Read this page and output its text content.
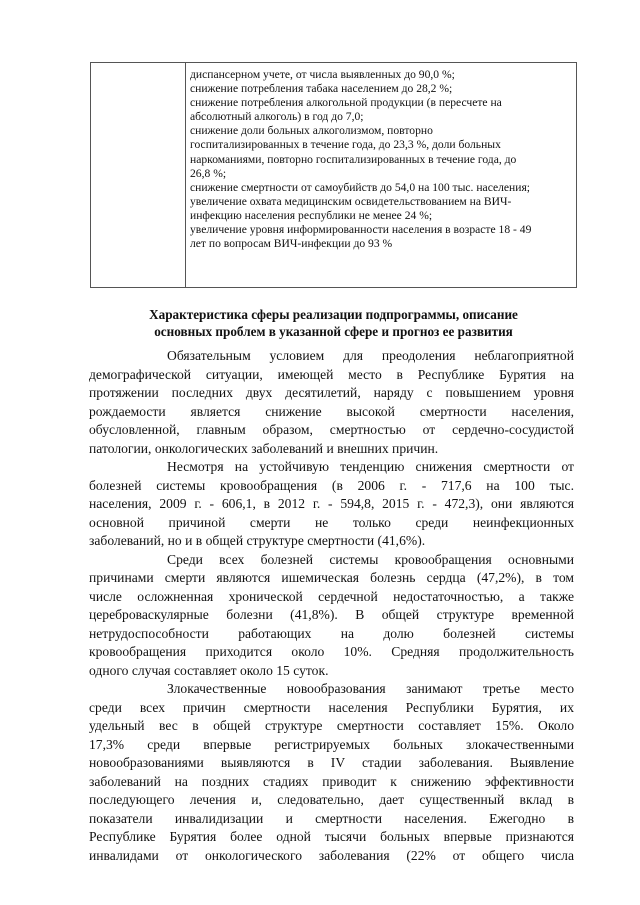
диспансерном учете, от числа выявленных до 90,0 %;
снижение потребления табака населением до 28,2 %;
снижение потребления алкогольной продукции (в пересчете на
абсолютный алкоголь) в год до 7,0;
снижение доли больных алкоголизмом, повторно
госпитализированных в течение года, до 23,3 %, доли больных
наркоманиями, повторно госпитализированных в течение года, до
26,8 %;
снижение смертности от самоубийств до 54,0 на 100 тыс. населения;
увеличение охвата медицинским освидетельствованием на ВИЧ-
инфекцию населения республики не менее 24 %;
увеличение уровня информированности населения в возрасте 18 - 49
лет по вопросам ВИЧ-инфекции до 93 %
Характеристика сферы реализации подпрограммы, описание
основных проблем в указанной сфере и прогноз ее развития
Обязательным условием для преодоления неблагоприятной
демографической ситуации, имеющей место в Республике Бурятия на
протяжении последних двух десятилетий, наряду с повышением уровня
рождаемости является снижение высокой смертности населения,
обусловленной, главным образом, смертностью от сердечно-сосудистой
патологии, онкологических заболеваний и внешних причин.
Несмотря на устойчивую тенденцию снижения смертности от
болезней системы кровообращения (в 2006 г. - 717,6 на 100 тыс.
населения, 2009 г. - 606,1, в 2012 г. - 594,8, 2015 г. - 472,3), они являются
основной причиной смерти не только среди неинфекционных
заболеваний, но и в общей структуре смертности (41,6%).
Среди всех болезней системы кровообращения основными
причинами смерти являются ишемическая болезнь сердца (47,2%), в том
числе осложненная хронической сердечной недостаточностью, а также
цереброваскулярные болезни (41,8%). В общей структуре временной
нетрудоспособности работающих на долю болезней системы
кровообращения приходится около 10%. Средняя продолжительность
одного случая составляет около 15 суток.
Злокачественные новообразования занимают третье место
среди всех причин смертности населения Республики Бурятия, их
удельный вес в общей структуре смертности составляет 15%. Около
17,3% среди впервые регистрируемых больных злокачественными
новообразованиями выявляются в IV стадии заболевания. Выявление
заболеваний на поздних стадиях приводит к снижению эффективности
последующего лечения и, следовательно, дает существенный вклад в
показатели инвалидизации и смертности населения. Ежегодно в
Республике Бурятия более одной тысячи больных впервые признаются
инвалидами от онкологического заболевания (22% от общего числа
